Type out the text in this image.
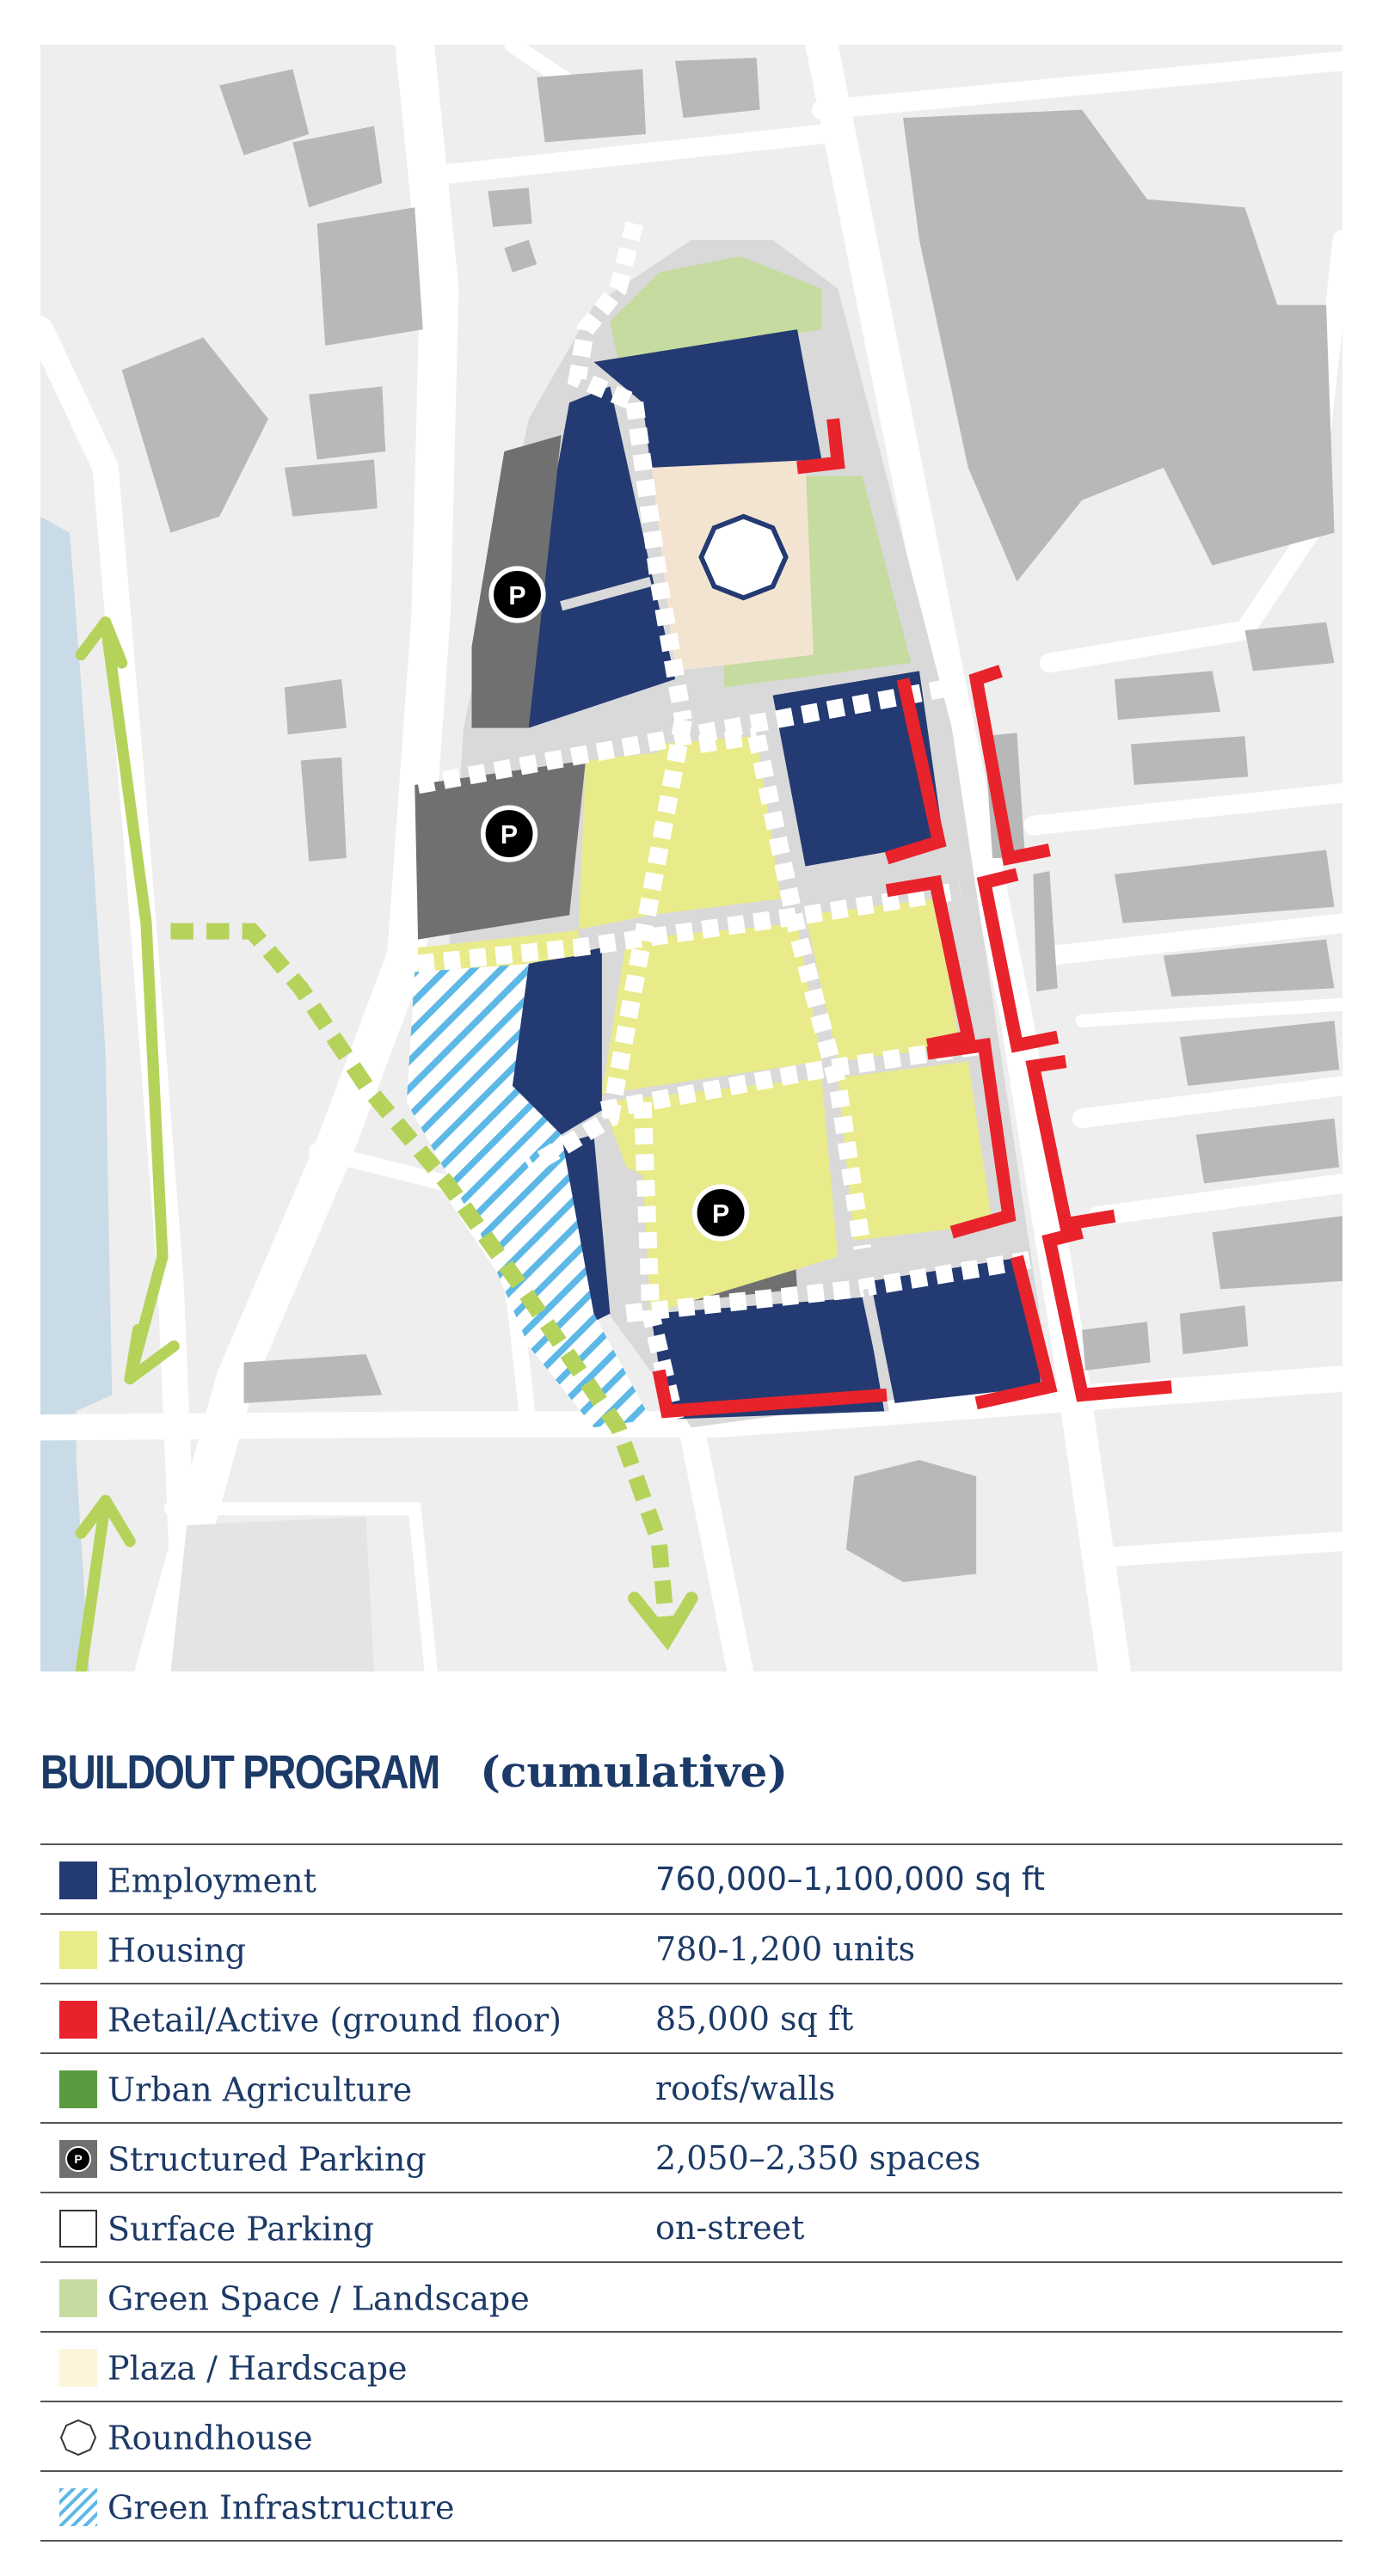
P
P
P
BUILDOUT PROGRAM (cumulative)
Employment	760,000–1,100,000 sq ft
Housing	780-1,200 units
Retail/Active (ground floor)	85,000 sq ft
Urban Agriculture	roofs/walls

P Structured Parking	2,050–2,350 spaces
Surface Parking	on-street
Green Space / Landscape	
Plaza / Hardscape	

Roundhouse	

Green Infrastructure	
